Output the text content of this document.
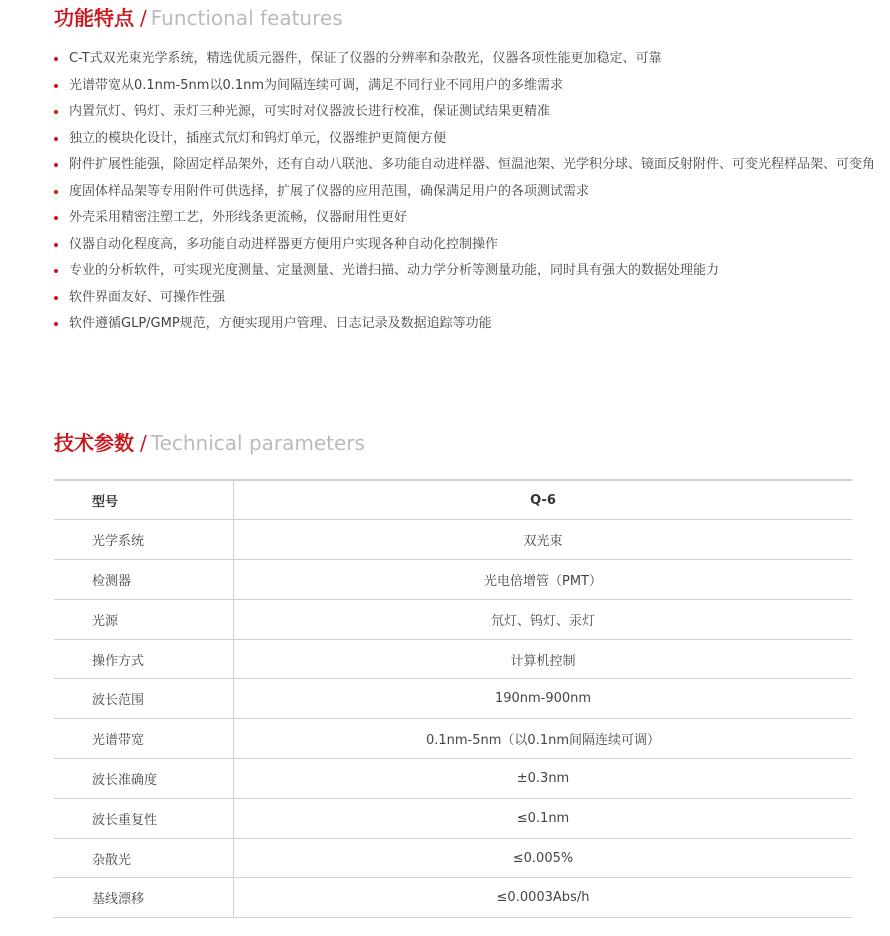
功能特点 / Functional features
C-T式双光束光学系统，精选优质元器件，保证了仪器的分辨率和杂散光，仪器各项性能更加稳定、可靠
光谱带宽从0.1nm-5nm以0.1nm为间隔连续可调，满足不同行业不同用户的多维需求
内置氘灯、钨灯、汞灯三种光源，可实时对仪器波长进行校准，保证测试结果更精准
独立的模块化设计，插座式氘灯和钨灯单元，仪器维护更简便方便
附件扩展性能强，除固定样品架外，还有自动八联池、多功能自动进样器、恒温池架、光学积分球、镜面反射附件、可变光程样品架、可变角
度固体样品架等专用附件可供选择，扩展了仪器的应用范围，确保满足用户的各项测试需求
外壳采用精密注塑工艺，外形线条更流畅，仪器耐用性更好
仪器自动化程度高，多功能自动进样器更方便用户实现各种自动化控制操作
专业的分析软件，可实现光度测量、定量测量、光谱扫描、动力学分析等测量功能，同时具有强大的数据处理能力
软件界面友好、可操作性强
软件遵循GLP/GMP规范，方便实现用户管理、日志记录及数据追踪等功能
技术参数 / Technical parameters
型号	Q-6
光学系统	双光束
检测器	光电倍增管（PMT）
光源	氘灯、钨灯、汞灯
操作方式	计算机控制
波长范围	190nm-900nm
光谱带宽	0.1nm-5nm（以0.1nm间隔连续可调）
波长准确度	±0.3nm
波长重复性	≤0.1nm
杂散光	≤0.005%
基线漂移	≤0.0003Abs/h
